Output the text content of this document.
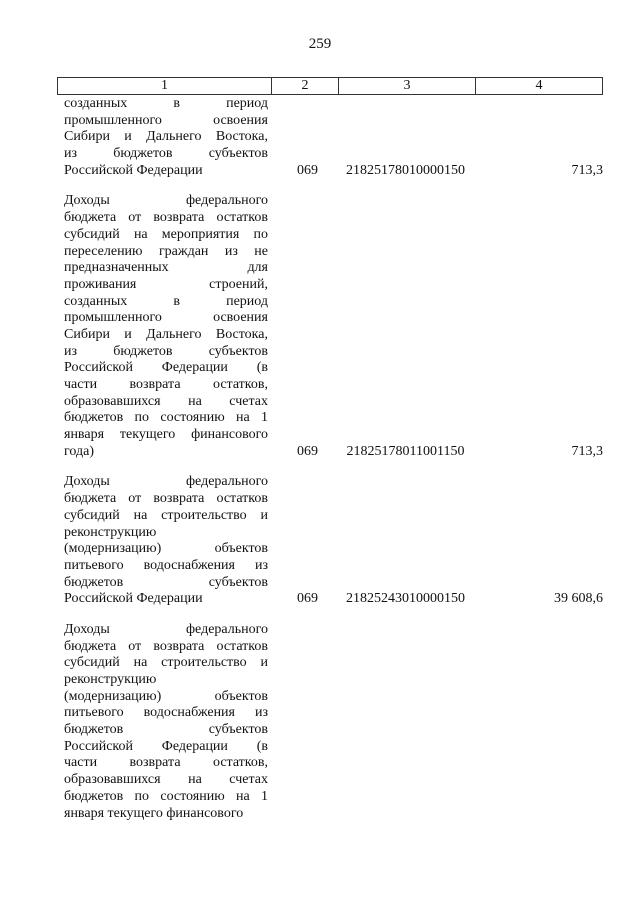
259
1	2	3	4
созданных в период
промышленного освоения
Сибири и Дальнего Востока,
из бюджетов субъектов
Российской Федерации	069	21825178010000150	713,3
Доходы федерального
бюджета от возврата остатков
субсидий на мероприятия по
переселению граждан из не
предназначенных для
проживания строений,
созданных в период
промышленного освоения
Сибири и Дальнего Востока,
из бюджетов субъектов
Российской Федерации (в
части возврата остатков,
образовавшихся на счетах
бюджетов по состоянию на 1
января текущего финансового
года)	069	21825178011001150	713,3
Доходы федерального
бюджета от возврата остатков
субсидий на строительство и
реконструкцию
(модернизацию) объектов
питьевого водоснабжения из
бюджетов субъектов
Российской Федерации	069	21825243010000150	39 608,6
Доходы федерального
бюджета от возврата остатков
субсидий на строительство и
реконструкцию
(модернизацию) объектов
питьевого водоснабжения из
бюджетов субъектов
Российской Федерации (в
части возврата остатков,
образовавшихся на счетах
бюджетов по состоянию на 1
января текущего финансового
